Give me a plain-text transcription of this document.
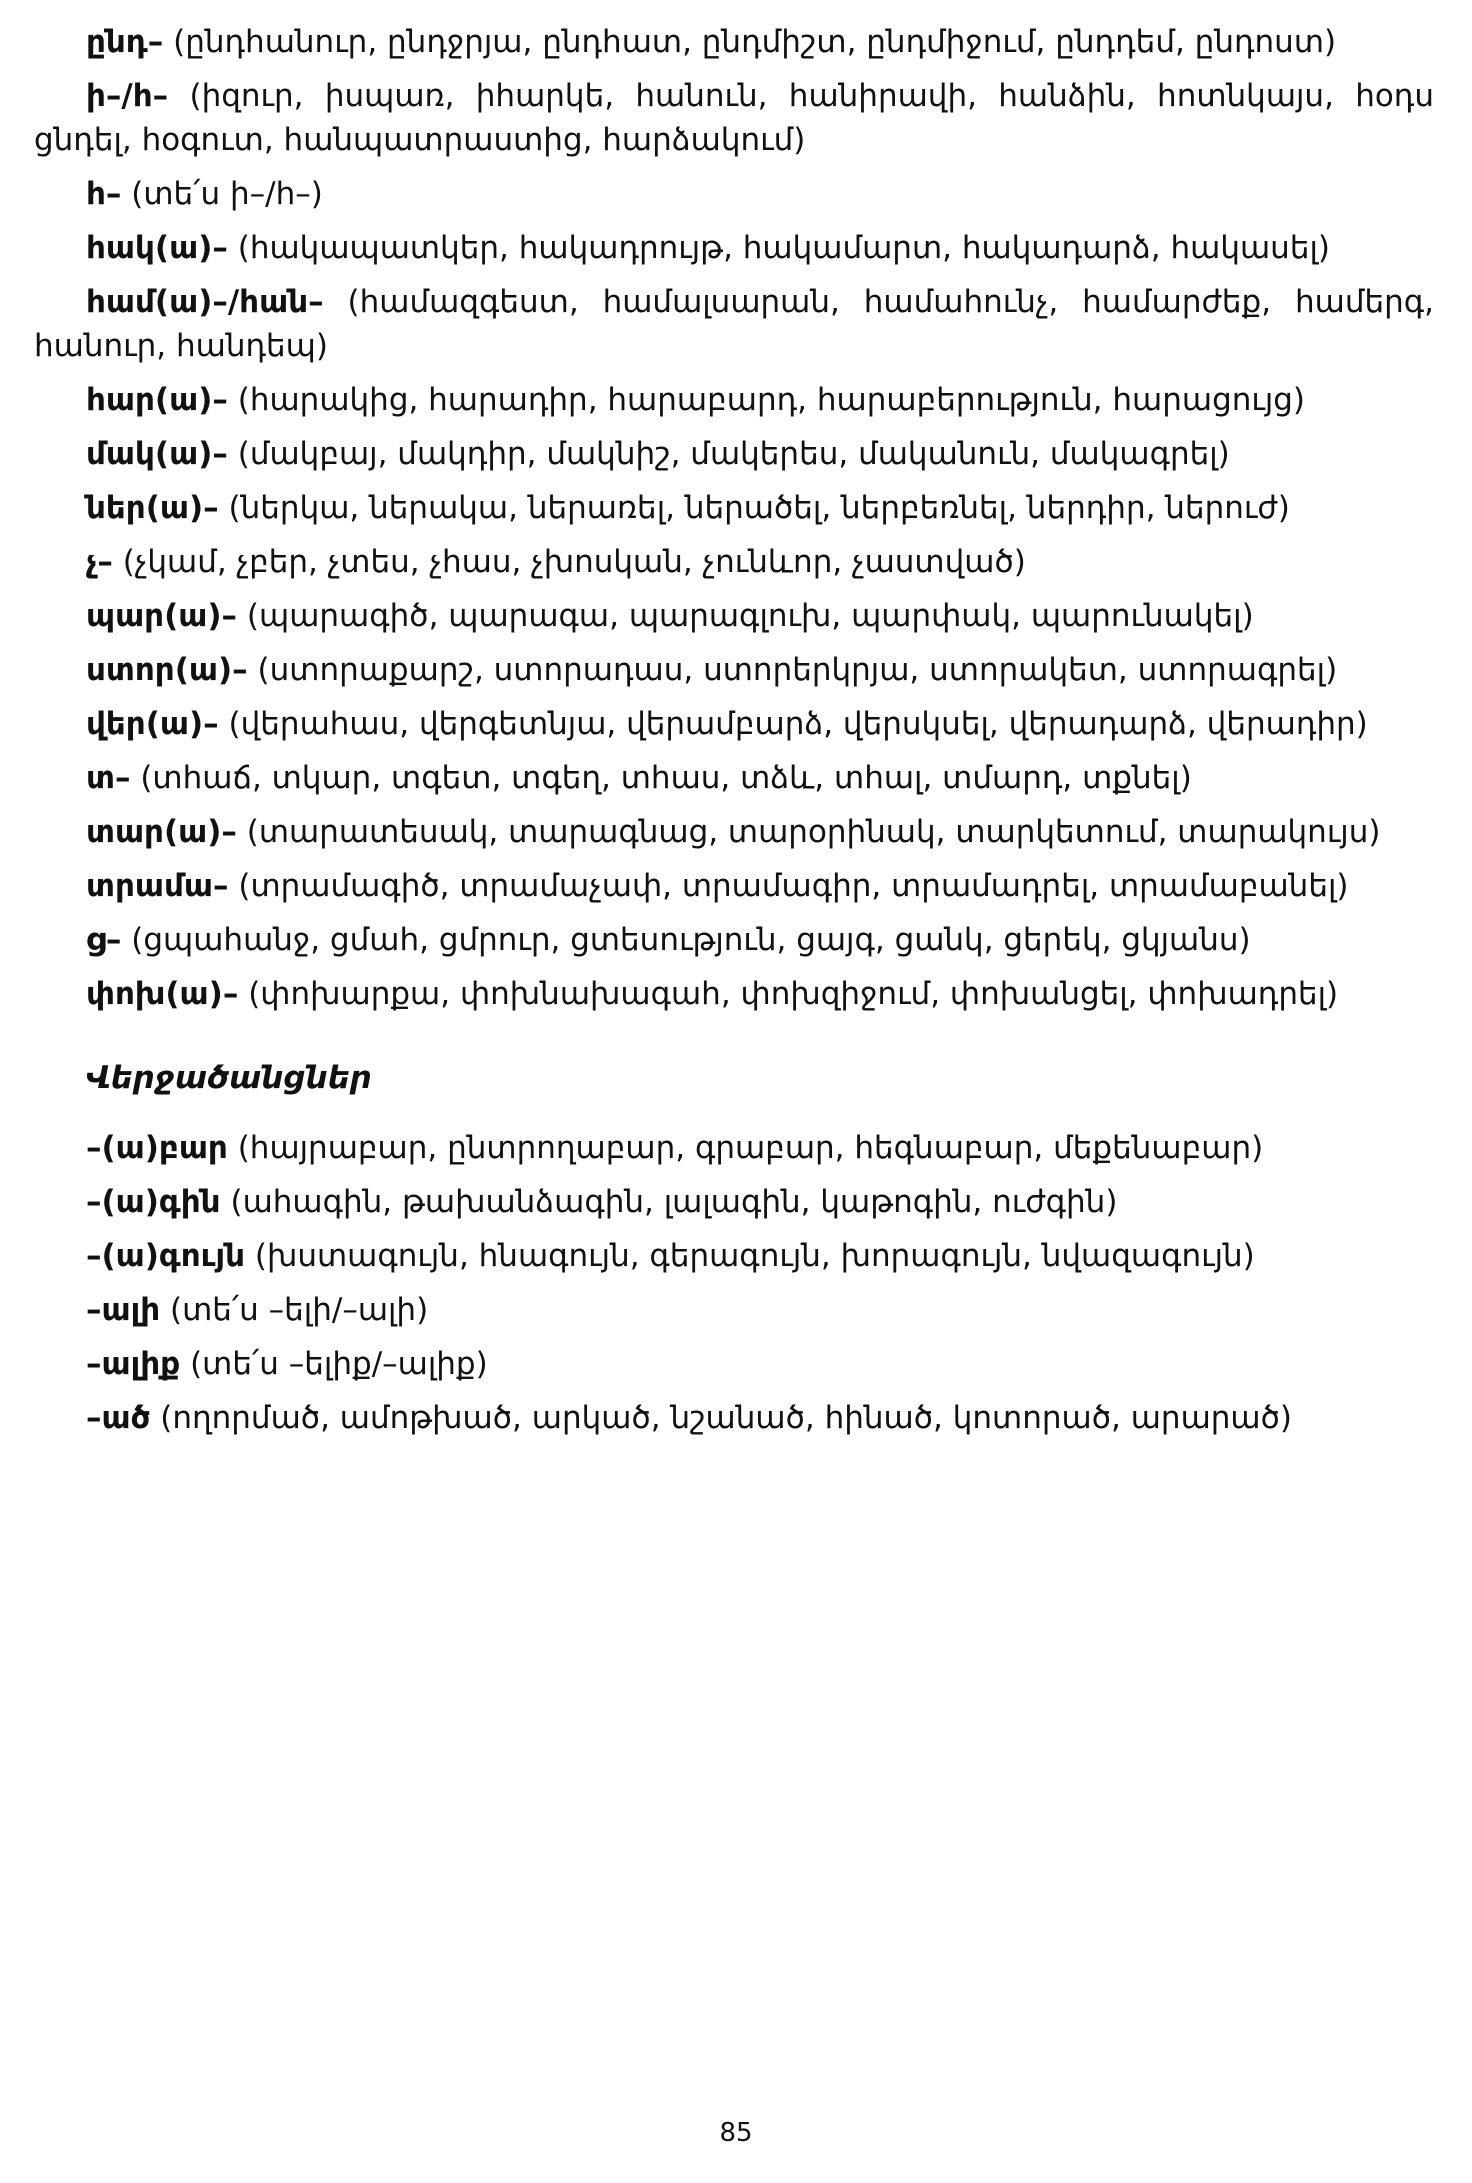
ընդ– (ընդհանուր, ընդջրյա, ընդհատ, ընդմիշտ, ընդմիջում, ընդդեմ, ընդոստ)
ի–/հ– (իզուր, իսպառ, իհարկե, հանուն, հանիրավի, հանձին, հոտնկայս, հօդս ցնդել, հօգուտ, հանպատրաստից, հարձակում)
հ– (տե՛ս ի–/հ–)
հակ(ա)– (հակապատկեր, հակադրույթ, հակամարտ, հակադարձ, հակասել)
համ(ա)–/հան– (համազգեստ, համալսարան, համահունչ, համարժեք, համերգ, հանուր, հանդեպ)
հար(ա)– (հարակից, հարադիր, հարաբարդ, հարաբերություն, հարացույց)
մակ(ա)– (մակբայ, մակդիր, մակնիշ, մակերես, մականուն, մակագրել)
ներ(ա)– (ներկա, ներակա, ներառել, ներածել, ներբեռնել, ներդիր, ներուժ)
չ– (չկամ, չբեր, չտես, չհաս, չխոսկան, չունևոր, չաստված)
պար(ա)– (պարագիծ, պարագա, պարագլուխ, պարփակ, պարունակել)
ստոր(ա)– (ստորաքարշ, ստորադաս, ստորերկրյա, ստորակետ, ստորագրել)
վեր(ա)– (վերահաս, վերգետնյա, վերամբարձ, վերսկսել, վերադարձ, վերադիր)
տ– (տհաճ, տկար, տգետ, տգեղ, տհաս, տձև, տհալ, տմարդ, տքնել)
տար(ա)– (տարատեսակ, տարագնաց, տարօրինակ, տարկետում, տարակույս)
տրամա– (տրամագիծ, տրամաչափ, տրամագիր, տրամադրել, տրամաբանել)
ց– (ցպահանջ, ցմահ, ցմրուր, ցտեսություն, ցայգ, ցանկ, ցերեկ, ցկյանս)
փոխ(ա)– (փոխարքա, փոխնախագահ, փոխզիջում, փոխանցել, փոխադրել)
Վերջածանցներ
–(ա)բար (հայրաբար, ընտրողաբար, գրաբար, հեգնաբար, մեքենաբար)
–(ա)գին (ահագին, թախանձագին, լալագին, կաթոգին, ուժգին)
–(ա)գույն (խստագույն, հնագույն, գերագույն, խորագույն, նվազագույն)
–ալի (տե՛ս –ելի/–ալի)
–ալիք (տե՛ս –ելիք/–ալիք)
–ած (ողորմած, ամոթխած, արկած, նշանած, հինած, կոտորած, արարած)
85
